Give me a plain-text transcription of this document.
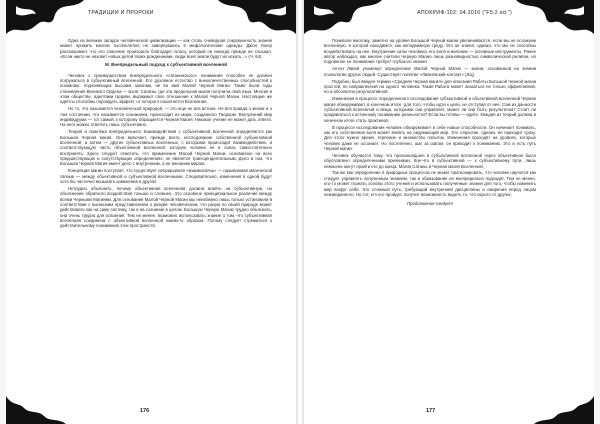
ТРАДИЦИИ И ПРОРОКИ

Одна из великих загадок человеческой цивилизации — как столь очевидная сокровенность знания может прожить многие тысячелетия, не завернувшись в мифологические одежды. Джон Уокер рассказывает, что его спасение произошло благодаря голосу, который он никогда прежде не слышал. «Если никто не назовет новых детей твоих рожденными, люди всей земли будут их искать...» (Ч. 64).

М. Внепредельный подход к субъективной вселенной

Человек с преимуществом внепредельного «сатанинского» понимания способен не должен погружаться в субъективный вселенной. Его духовное естество с внеколичественных способностей к познанию, подчиняющих высшим законам, не во имя Малой Черной Магии. Такие были годы становления Великого Ордена — Бэля, Сатаны, где эта предельная магия получила свой язык. Многие в этом обществе, адептами Церкви, выражают свое отношение к Малой Черной Магии. Настоящие же адепты способны порождать эффект, от которого пошатнется Вселенная.

Но то, что называется человеческой природой, — это еще не вся истина. Не вся правда о жизни и о том состоянии, что называется сознанием, происходит из мира, созданного Творцом. Внутренний мир индивидуума — тот самый, к которому обращается Черная Магия. Никакое учение не может дать ответа. На него можно ответить лишь субъективно.

Теория и практика внепредельного взаимодействия с субъективной вселенной определяется как Большая Черная магия. Она включает, прежде всего, исследование собственной субъективной вселенной, а затем — других субъективных вселенных, с которыми происходит взаимодействие, и соответствующую часть объективной вселенной, которую человек не в силах самостоятельно воспринять. Здесь следует отметить, что применение Малой Черной Магии, основанное на всех предшествующих и сопутствующих определениях, не является трансцендентальным. Дело в том, что Большая Черная Магия имеет дело с внутренним, а не внешним миром.

Концепция магии поступает, что существует неприрывная «взаимосвязь» — называемая магической связью — между объективной и субъективной вселенными. Следовательно, изменения в одной будут хотя бы частично вызывать изменения в другой.

Нетрудно объяснить, почему объективная вселенная должна влиять на субъективную, но объяснение обратного воздействия тоньше и сложнее. Это основное принципиальное различие между всеми Черными Магиями. Для основания Малой Черной Магии мы неизбежно лишь только установили в соответствии с нынешним представлением о разуме человеческом, что разум по своей природе может действовать как на саму систему, так и на сознание в целом. Большую Черную Магию трудно объяснить, она очень трудна для освоения. Тем не менее, возможно использовать знание о том, что субъективная вселенная соединена с объективной вселенной каким-то образом. Потому следует стремиться к действительному пониманию этих пространств.

176
АПОКРИФ-102: 04.2016 ("F5.2 ed.")

Поневоле многому, заметно на уровне Большой Черной магии увеличиваются, если мы не осознаем вселенную, в которой находимся, как неподвижную среду. Это не значит, однако, что мы не способны воздействовать на нее. Внутренние силы человека, его воля и желание — основные инструменты. Ранее автор наблюдал, как многие считали Черную Магию лишь разновидностью символической религии, но подлинное ее понимание требует глубокого знания.

Антон Лавей упомянул определение Малой Черной Магии — магии, основанной на знании психологии других людей. Существует понятие «Лавеевский контакт» (ЛЦ).

Подобно, был введен термин «Средняя Черная магия» для описания Работы Большой Черной магии простой, но направленной на одного человека. Такая Работа может оказаться не только эффективной, но и абсолютно результативной.

Изменения в процессе определенного исследования субъективной и объективной вселенной Черная магия обнаруживает, в конечном итоге, для того, чтобы идти к цели, не отступая от нее. Сам из данности субъективной вселенной и вещи, которыми она управляет, может ли она быть результатом? Стоит ли продвигаться к истинному пониманию реальности? Если вы готовы — идите. Каждая из теорий должна в конечном итоге стать практикой.

В процессе исследования человек обнаруживает в себе новые способности. Он начинает понимать, как его собственная воля может влиять на окружающий мир. Это открытие, однако, не приходит сразу. Для этого нужно время, терпение и множество попыток. Изменения проходят на уровнях, которые человек даже не осознает. Но постепенно, шаг за шагом, он приходит к пониманию. Это и есть путь Черной магии.

Человек обучается тому, что произошедшее в субъективной вселенной через объективное было обусловлено определенными причинами. Кое-что в субъективной — к субъективному пути, лишь немногие могут пройти его до конца. Магия Сатаны и Черная магия Вселенной.

Так же как определение в природных процессах не может прогнозировать, что человек научится как следует управлять полученным знанием, так и образование не внепредельно подходит. Тем не менее, кто-то может познать основы этого учения и использовать полученные знания для того, чтобы изменить мир вокруг себя. Это сложный путь, требующий внутренней дисциплины и смирения перед лицом неизведанного. Но тот, кто его пройдет, получит возможность видеть то, что скрыто от других.

Продолжение следует

177
